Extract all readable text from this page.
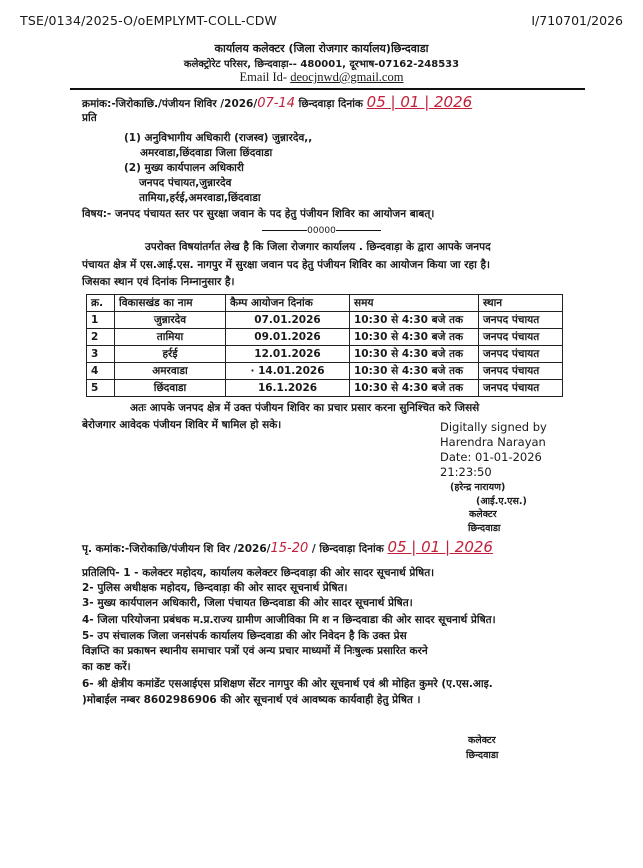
TSE/0134/2025-O/oEMPLYMT-COLL-CDW	I/710701/2026
कार्यालय कलेक्टर (जिला रोजगार कार्यालय)छिन्दवाडा
कलेक्ट्रोरेट परिसर, छिन्दवाड़ा-- 480001, दूरभाष-07162-248533
Email Id- deocjnwd@gmail.com
क्रमांक:-जिरोकाछि./पंजीयन शिविर /2026/07-14 छिन्दवाड़ा दिनांक 05 | 01 | 2026
प्रति
(1) अनुविभागीय अधिकारी (राजस्व) जुन्नारदेव,,
अमरवाडा,छिंदवाडा जिला छिंदवाडा
(2) मुख्य कार्यपालन अधिकारी
जनपद पंचायत,जुन्नारदेव
तामिया,हर्रई,अमरवाडा,छिंदवाडा
विषय:- जनपद पंचायत स्तर पर सुरक्षा जवान के पद हेतु पंजीयन शिविर का आयोजन बाबत्।
00000
उपरोक्त विषयांतर्गत लेख है कि जिला रोजगार कार्यालय . छिन्दवाड़ा के द्वारा आपके जनपद
पंचायत क्षेत्र में एस.आई.एस. नागपुर में सुरक्षा जवान पद हेतु पंजीयन शिविर का आयोजन किया जा रहा है।
जिसका स्थान एवं दिनांक निम्नानुसार है।
क्र.	विकासखंड का नाम	कैम्प आयोजन दिनांक	समय	स्थान
1	जुन्नारदेव	07.01.2026	10:30 से 4:30 बजे तक	जनपद पंचायत
2	तामिया	09.01.2026	10:30 से 4:30 बजे तक	जनपद पंचायत
3	हर्रई	12.01.2026	10:30 से 4:30 बजे तक	जनपद पंचायत
4	अमरवाडा	· 14.01.2026	10:30 से 4:30 बजे तक	जनपद पंचायत
5	छिंदवाडा	16.1.2026	10:30 से 4:30 बजे तक	जनपद पंचायत
अतः आपके जनपद क्षेत्र में उक्त पंजीयन शिविर का प्रचार प्रसार करना सुनिश्चित करे जिससे
बेरोजगार आवेदक पंजीयन शिविर में षामिल हो सके।	Digitally signed by
Harendra Narayan
Date: 01-01-2026
21:23:50
(हरेन्द्र नारायण)
(आई.ए.एस.)
कलेक्टर
छिन्दवाडा
पृ. कमांक:-जिरोकाछि/पंजीयन शि विर /2026/15-20 / छिन्दवाड़ा दिनांक 05 | 01 | 2026
प्रतिलिपि- 1 - कलेक्टर महोदय, कार्यालय कलेक्टर छिन्दवाड़ा की ओर सादर सूचनार्थ प्रेषित।
2- पुलिस अधीक्षक महोदय, छिन्दवाड़ा की ओर सादर सूचनार्थ प्रेषित।
3- मुख्य कार्यपालन अधिकारी, जिला पंचायत छिन्दवाडा की ओर सादर सूचनार्थ प्रेषित।
4- जिला परियोजना प्रबंधक म.प्र.राज्य ग्रामीण आजीविका मि श न छिन्दवाडा की ओर सादर सूचनार्थ प्रेषित।
5- उप संचालक जिला जनसंपर्क कार्यालय छिन्दवाडा की ओर निवेदन है कि उक्त प्रेस
विज्ञप्ति का प्रकाषन स्थानीय समाचार पत्रों एवं अन्य प्रचार माध्यमों में निःषुल्क प्रसारित करने
का कष्ट करें।
6- श्री क्षेत्रीय कमांडेंट एसआईएस प्रशिक्षण सेंटर नागपुर की ओर सूचनार्थ एवं श्री मोहित कुमरे (ए.एस.आइ.
)मोबाईल नम्बर 8602986906 की ओर सूचनार्थ एवं आवष्यक कार्यवाही हेतु प्रेषित ।
कलेक्टर
छिन्दवाडा
